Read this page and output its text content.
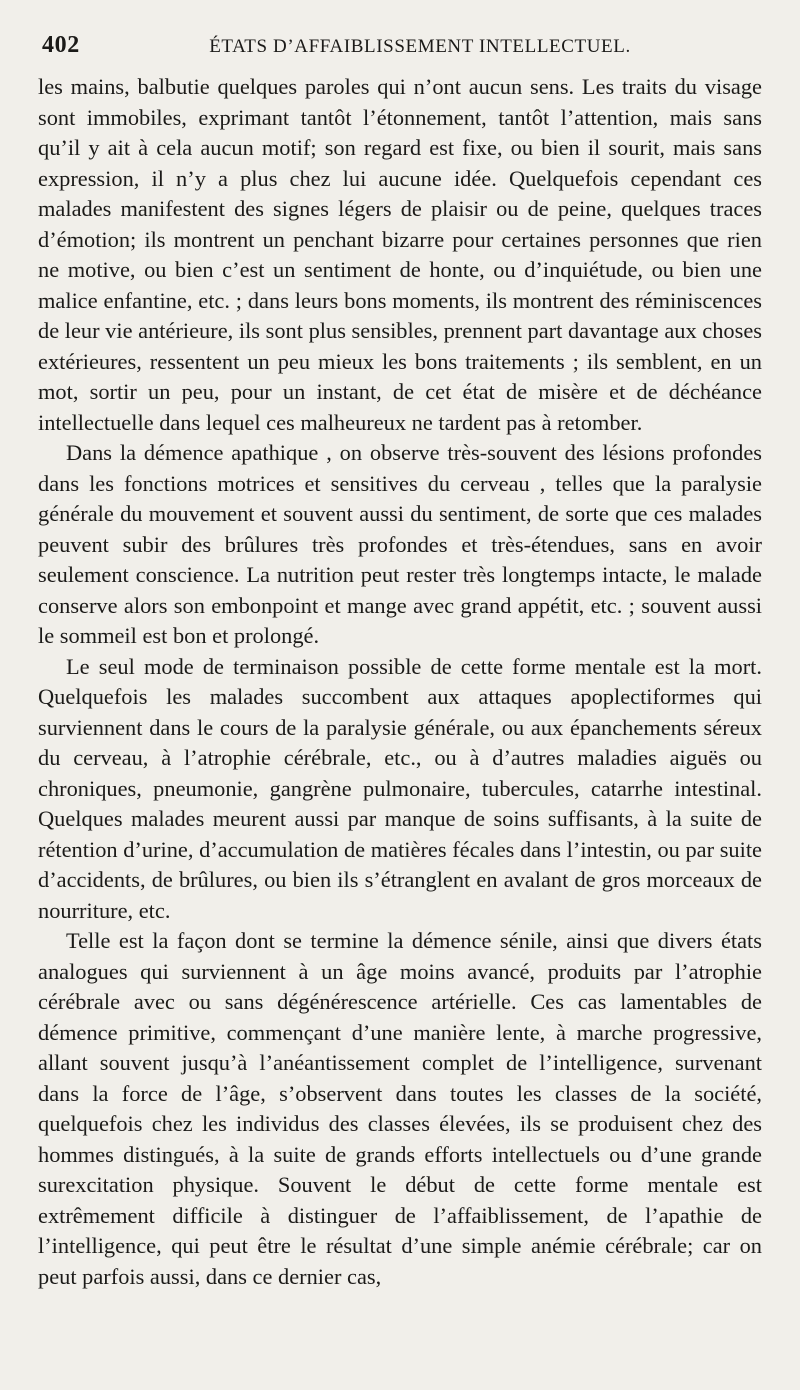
402	ÉTATS D’AFFAIBLISSEMENT INTELLECTUEL.

les mains, balbutie quelques paroles qui n’ont aucun sens. Les traits du visage sont immobiles, exprimant tantôt l’étonnement, tantôt l’attention, mais sans qu’il y ait à cela aucun motif; son regard est fixe, ou bien il sourit, mais sans expression, il n’y a plus chez lui aucune idée. Quelquefois cependant ces malades manifestent des signes légers de plaisir ou de peine, quelques traces d’émotion; ils montrent un penchant bizarre pour certaines personnes que rien ne motive, ou bien c’est un sentiment de honte, ou d’inquiétude, ou bien une malice enfantine, etc. ; dans leurs bons moments, ils montrent des réminiscences de leur vie antérieure, ils sont plus sensibles, prennent part davantage aux choses extérieures, ressentent un peu mieux les bons traitements ; ils semblent, en un mot, sortir un peu, pour un instant, de cet état de misère et de déchéance intellectuelle dans lequel ces malheureux ne tardent pas à retomber.

Dans la démence apathique , on observe très-souvent des lésions profondes dans les fonctions motrices et sensitives du cerveau , telles que la paralysie générale du mouvement et souvent aussi du sentiment, de sorte que ces malades peuvent subir des brûlures très profondes et très-étendues, sans en avoir seulement conscience. La nutrition peut rester très longtemps intacte, le malade conserve alors son embonpoint et mange avec grand appétit, etc. ; souvent aussi le sommeil est bon et prolongé.

Le seul mode de terminaison possible de cette forme mentale est la mort. Quelquefois les malades succombent aux attaques apoplectiformes qui surviennent dans le cours de la paralysie générale, ou aux épanchements séreux du cerveau, à l’atrophie cérébrale, etc., ou à d’autres maladies aiguës ou chroniques, pneumonie, gangrène pulmonaire, tubercules, catarrhe intestinal. Quelques malades meurent aussi par manque de soins suffisants, à la suite de rétention d’urine, d’accumulation de matières fécales dans l’intestin, ou par suite d’accidents, de brûlures, ou bien ils s’étranglent en avalant de gros morceaux de nourriture, etc.

Telle est la façon dont se termine la démence sénile, ainsi que divers états analogues qui surviennent à un âge moins avancé, produits par l’atrophie cérébrale avec ou sans dégénérescence artérielle. Ces cas lamentables de démence primitive, commençant d’une manière lente, à marche progressive, allant souvent jusqu’à l’anéantissement complet de l’intelligence, survenant dans la force de l’âge, s’observent dans toutes les classes de la société, quelquefois chez les individus des classes élevées, ils se produisent chez des hommes distingués, à la suite de grands efforts intellectuels ou d’une grande surexcitation physique. Souvent le début de cette forme mentale est extrêmement difficile à distinguer de l’affaiblissement, de l’apathie de l’intelligence, qui peut être le résultat d’une simple anémie cérébrale; car on peut parfois aussi, dans ce dernier cas,
